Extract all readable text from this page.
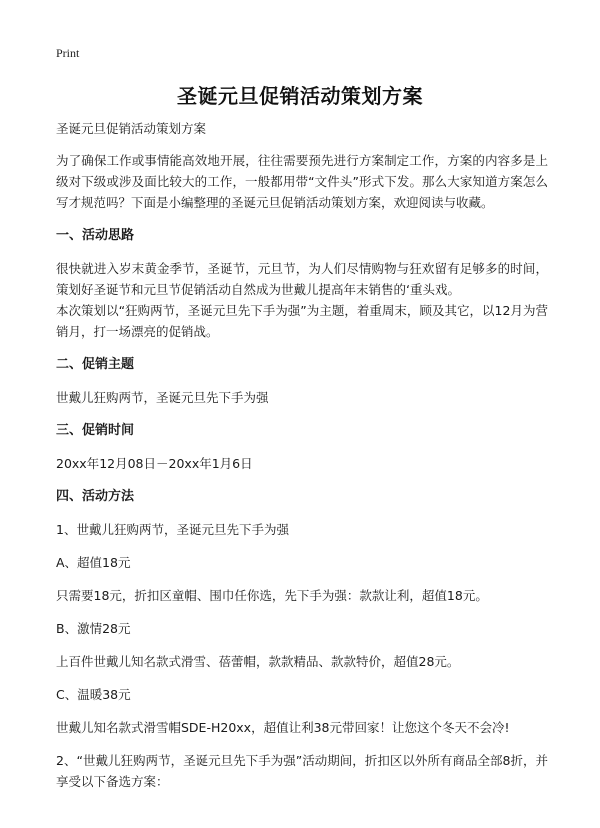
Print
圣诞元旦促销活动策划方案

圣诞元旦促销活动策划方案

为了确保工作或事情能高效地开展，往往需要预先进行方案制定工作，方案的内容多是上级对下级或涉及面比较大的工作，一般都用带“文件头”形式下发。那么大家知道方案怎么写才规范吗？下面是小编整理的圣诞元旦促销活动策划方案，欢迎阅读与收藏。

一、活动思路

很快就进入岁末黄金季节，圣诞节，元旦节，为人们尽情购物与狂欢留有足够多的时间，策划好圣诞节和元旦节促销活动自然成为世戴儿提高年末销售的‘重头戏。

本次策划以“狂购两节，圣诞元旦先下手为强”为主题，着重周末，顾及其它，以12月为营销月，打一场漂亮的促销战。

二、促销主题

世戴儿狂购两节，圣诞元旦先下手为强

三、促销时间

20xx年12月08日－20xx年1月6日

四、活动方法

1、世戴儿狂购两节，圣诞元旦先下手为强

A、超值18元

只需要18元，折扣区童帽、围巾任你选，先下手为强：款款让利，超值18元。

B、激情28元

上百件世戴儿知名款式滑雪、蓓蕾帽，款款精品、款款特价，超值28元。

C、温暖38元

世戴儿知名款式滑雪帽SDE-H20xx，超值让利38元带回家！让您这个冬天不会冷!

2、“世戴儿狂购两节，圣诞元旦先下手为强”活动期间，折扣区以外所有商品全部8折，并享受以下备选方案：
